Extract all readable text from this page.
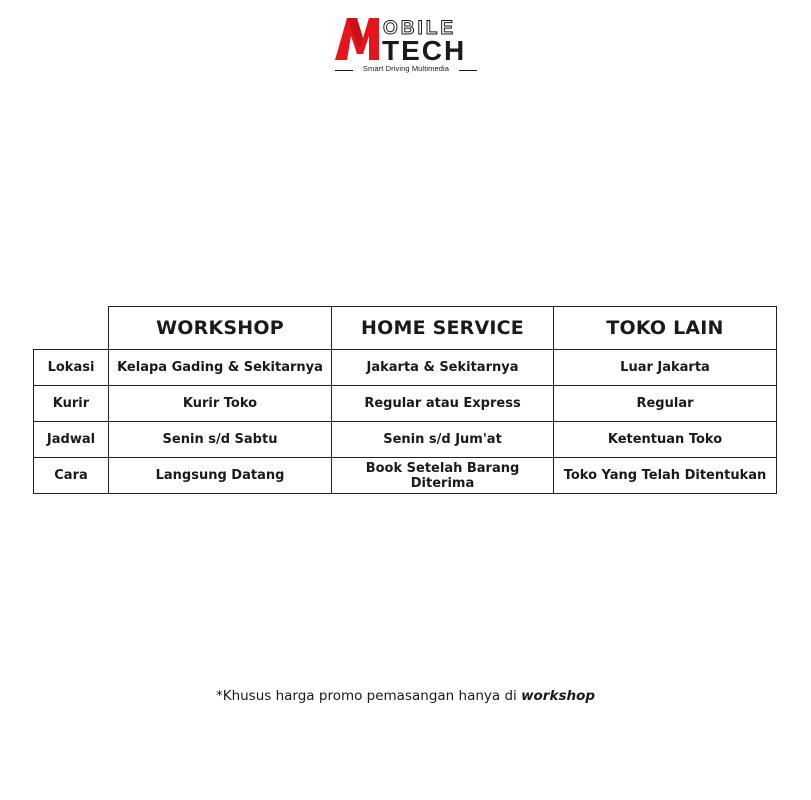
OBILE
TECH
Smart Driving Multimedia
	WORKSHOP	HOME SERVICE	TOKO LAIN
Lokasi	Kelapa Gading & Sekitarnya	Jakarta & Sekitarnya	Luar Jakarta
Kurir	Kurir Toko	Regular atau Express	Regular
Jadwal	Senin s/d Sabtu	Senin s/d Jum'at	Ketentuan Toko
Cara	Langsung Datang	Book Setelah Barang Diterima	Toko Yang Telah Ditentukan
*Khusus harga promo pemasangan hanya di workshop
